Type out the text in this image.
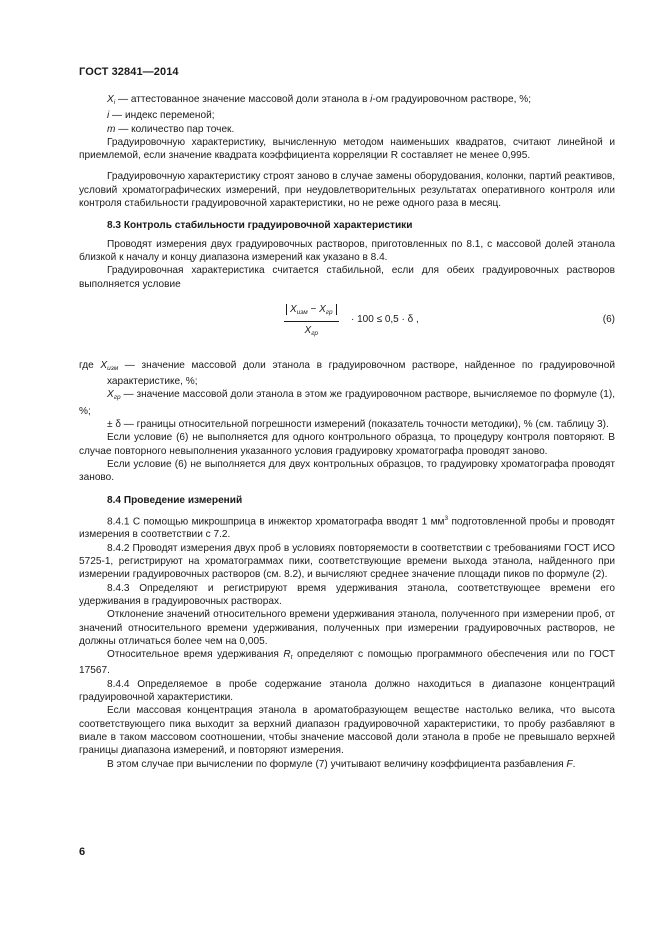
ГОСТ 32841—2014

$X_i$ — аттестованное значение массовой доли этанола в i-ом градуировочном растворе, %;

i — индекс переменой;

m — количество пар точек.

Градуировочную характеристику, вычисленную методом наименьших квадратов, считают линейной и приемлемой, если значение квадрата коэффициента корреляции R составляет не менее 0,995.

Градуировочную характеристику строят заново в случае замены оборудования, колонки, партий реактивов, условий хроматографических измерений, при неудовлетворительных результатах оперативного контроля или контроля стабильности градуировочной характеристики, но не реже одного раза в месяц.

8.3 Контроль стабильности градуировочной характеристики

Проводят измерения двух градуировочных растворов, приготовленных по 8.1, с массовой долей этанола близкой к началу и концу диапазона измерений как указано в 8.4.

Градуировочная характеристика считается стабильной, если для обеих градуировочных растворов выполняется условие

$X_{изм} - X_{гр}$
$X_{гр}$
· 100 ≤ 0,5 · δ ,	(6)

где $X_{изм}$ — значение массовой доли этанола в градуировочном растворе, найденное по градуировочной характеристике, %;

$X_{гр}$ — значение массовой доли этанола в этом же градуировочном растворе, вычисляемое по формуле (1), %;

± δ — границы относительной погрешности измерений (показатель точности методики), % (см. таблицу 3).

Если условие (6) не выполняется для одного контрольного образца, то процедуру контроля повторяют. В случае повторного невыполнения указанного условия градуировку хроматографа проводят заново.

Если условие (6) не выполняется для двух контрольных образцов, то градуировку хроматографа проводят заново.

8.4 Проведение измерений

8.4.1 С помощью микрошприца в инжектор хроматографа вводят 1 $мм^3$ подготовленной пробы и проводят измерения в соответствии с 7.2.

8.4.2 Проводят измерения двух проб в условиях повторяемости в соответствии с требованиями ГОСТ ИСО 5725-1, регистрируют на хроматограммах пики, соответствующие времени выхода этанола, найденного при измерении градуировочных растворов (см. 8.2), и вычисляют среднее значение площади пиков по формуле (2).

8.4.3 Определяют и регистрируют время удерживания этанола, соответствующее времени его удерживания в градуировочных растворах.

Отклонение значений относительного времени удерживания этанола, полученного при измерении проб, от значений относительного времени удерживания, полученных при измерении градуировочных растворов, не должны отличаться более чем на 0,005.

Относительное время удерживания $R_t$ определяют с помощью программного обеспечения или по ГОСТ 17567.

8.4.4 Определяемое в пробе содержание этанола должно находиться в диапазоне концентраций градуировочной характеристики.

Если массовая концентрация этанола в ароматобразующем веществе настолько велика, что высота соответствующего пика выходит за верхний диапазон градуировочной характеристики, то пробу разбавляют в виале в таком массовом соотношении, чтобы значение массовой доли этанола в пробе не превышало верхней границы диапазона измерений, и повторяют измерения.

В этом случае при вычислении по формуле (7) учитывают величину коэффициента разбавления F.

6
